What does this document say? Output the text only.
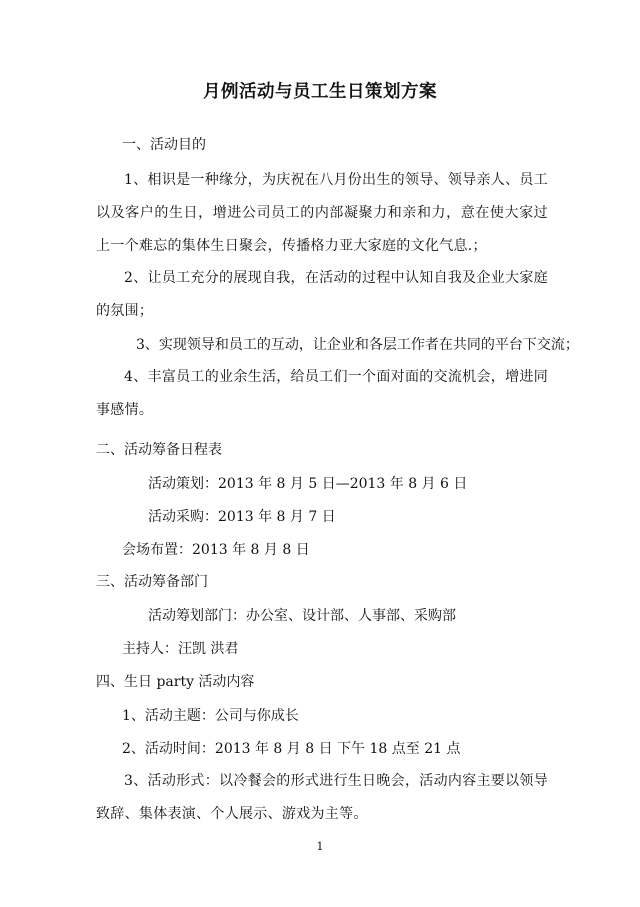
月例活动与员工生日策划方案
一、活动目的
1、相识是一种缘分，为庆祝在八月份出生的领导、领导亲人、员工以及客户的生日，增进公司员工的内部凝聚力和亲和力，意在使大家过上一个难忘的集体生日聚会，传播格力亚大家庭的文化气息.；
2、让员工充分的展现自我，在活动的过程中认知自我及企业大家庭的氛围；
3、实现领导和员工的互动，让企业和各层工作者在共同的平台下交流；
4、丰富员工的业余生活，给员工们一个面对面的交流机会，增进同事感情。
二、活动筹备日程表
活动策划：2013 年 8 月 5 日—2013 年 8 月 6 日
活动采购：2013 年 8 月 7 日
会场布置：2013 年 8 月 8 日
三、活动筹备部门
活动筹划部门：办公室、设计部、人事部、采购部
主持人：汪凯 洪君
四、生日 party 活动内容
1、活动主题：公司与你成长
2、活动时间：2013 年 8 月 8 日 下午 18 点至 21 点
3、活动形式：以冷餐会的形式进行生日晚会，活动内容主要以领导致辞、集体表演、个人展示、游戏为主等。
1
